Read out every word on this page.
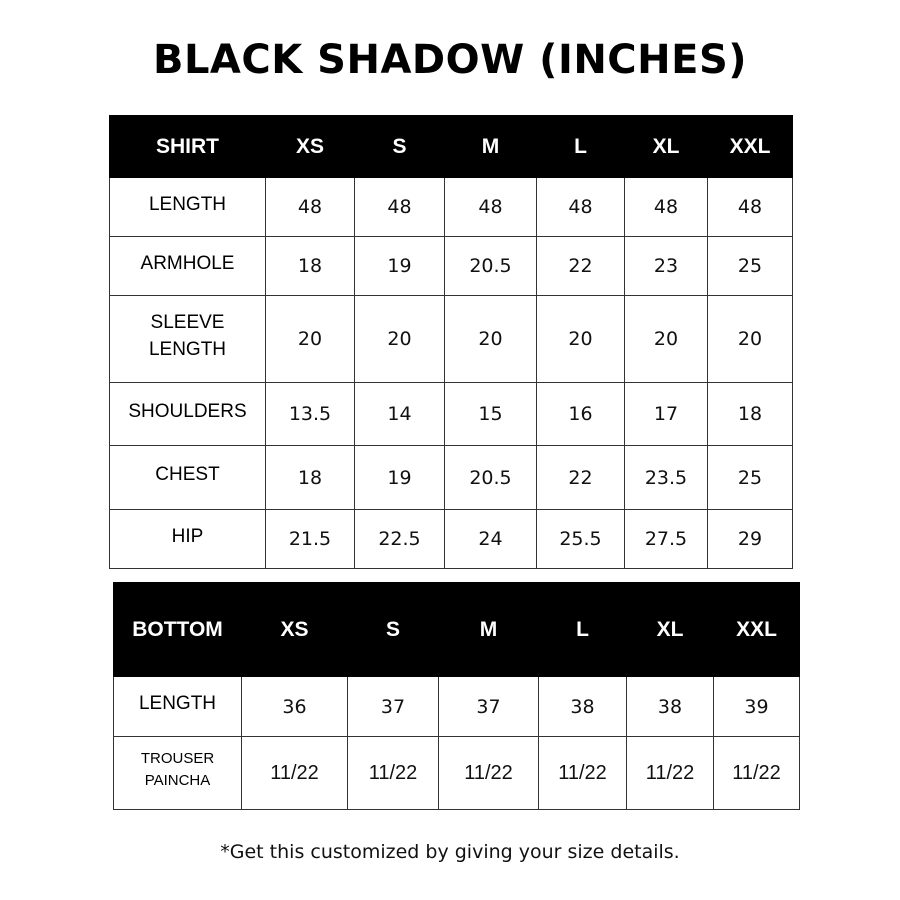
BLACK SHADOW (INCHES)
SHIRT	XS	S	M	L	XL	XXL
LENGTH	48	48	48	48	48	48
ARMHOLE	18	19	20.5	22	23	25
SLEEVE LENGTH	20	20	20	20	20	20
SHOULDERS	13.5	14	15	16	17	18
CHEST	18	19	20.5	22	23.5	25
HIP	21.5	22.5	24	25.5	27.5	29
BOTTOM	XS	S	M	L	XL	XXL
LENGTH	36	37	37	38	38	39
TROUSER PAINCHA	11/22	11/22	11/22	11/22	11/22	11/22
*Get this customized by giving your size details.
